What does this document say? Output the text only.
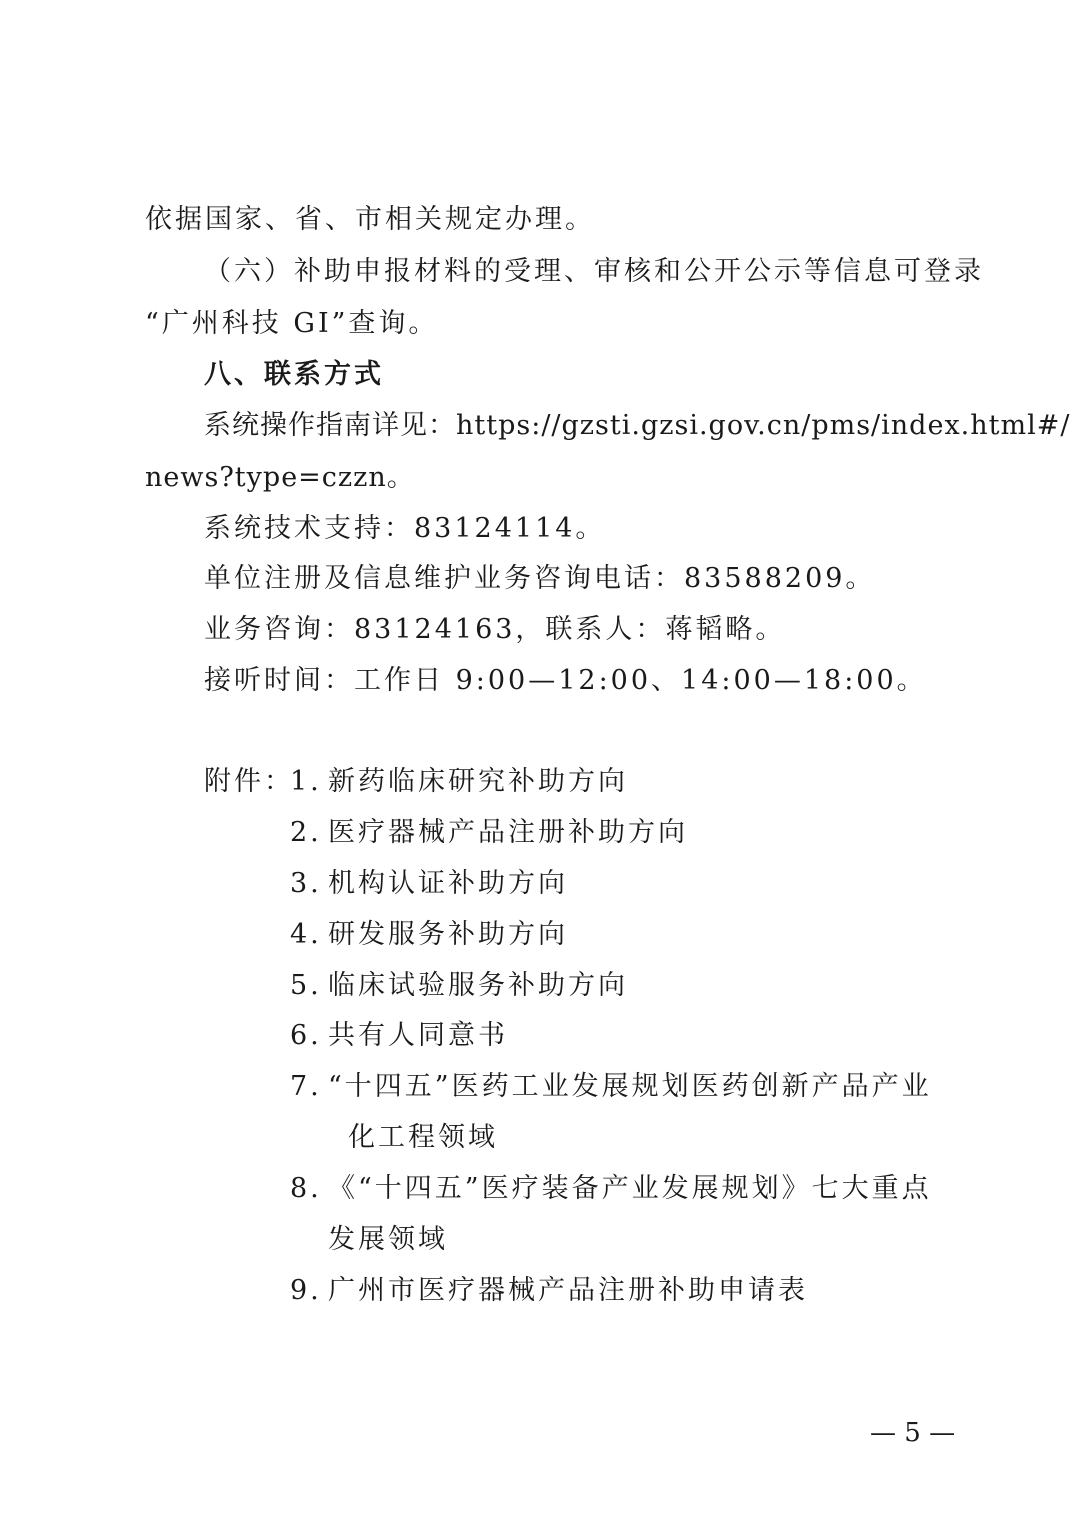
依据国家、省、市相关规定办理。
（六）补助申报材料的受理、审核和公开公示等信息可登录
“广州科技 GI”查询。
八、联系方式
系统操作指南详见：https://gzsti.gzsi.gov.cn/pms/index.html#/
news?type=czzn。
系统技术支持：83124114。
单位注册及信息维护业务咨询电话：83588209。
业务咨询：83124163，联系人：蒋韬略。
接听时间：工作日 9:00—12:00、14:00—18:00。
附件：
1. 新药临床研究补助方向
2. 医疗器械产品注册补助方向
3. 机构认证补助方向
4. 研发服务补助方向
5. 临床试验服务补助方向
6. 共有人同意书
7. “十四五”医药工业发展规划医药创新产品产业
化工程领域
8. 《“十四五”医疗装备产业发展规划》七大重点
发展领域
9. 广州市医疗器械产品注册补助申请表
— 5 —
